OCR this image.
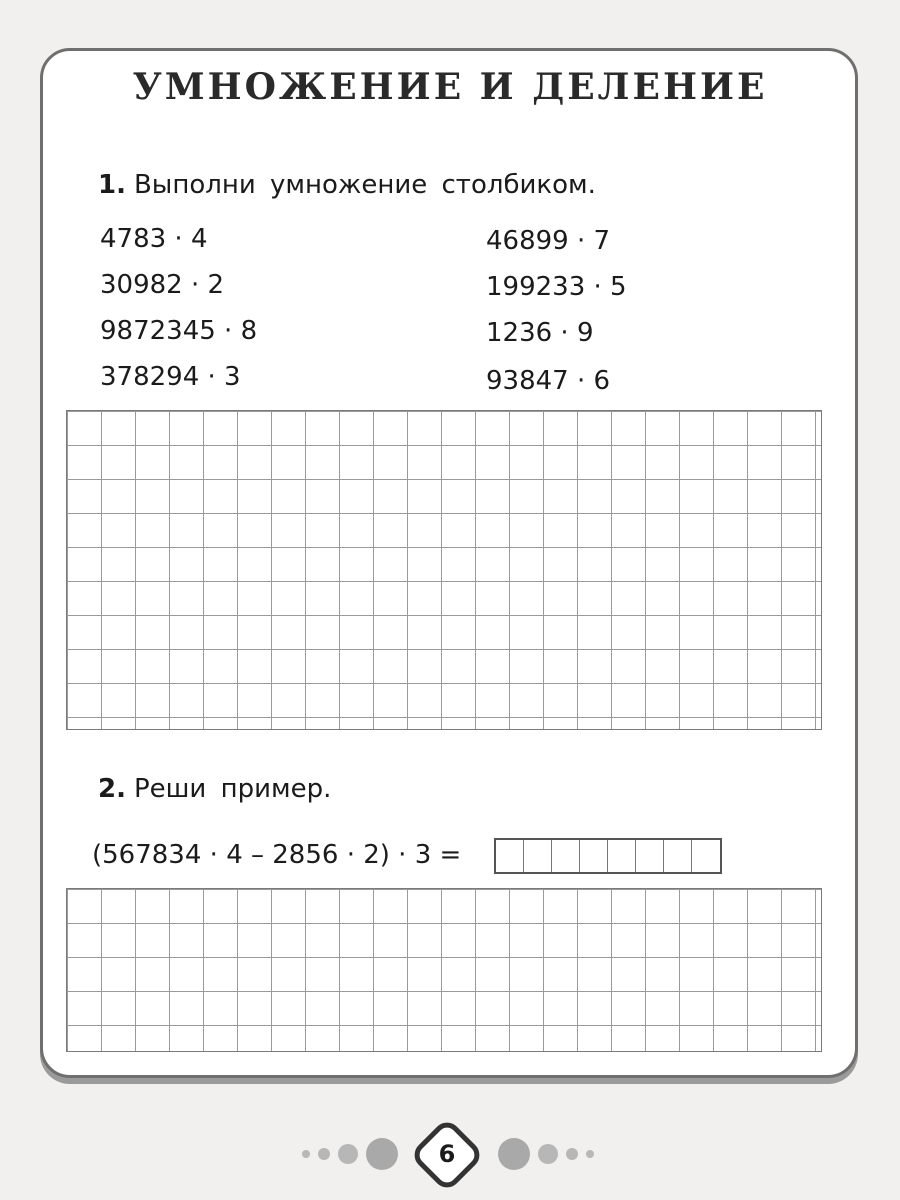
УМНОЖЕНИЕ И ДЕЛЕНИЕ
1. Выполни умножение столбиком.
4783 · 4
30982 · 2
9872345 · 8
378294 · 3
46899 · 7
199233 · 5
1236 · 9
93847 · 6
2. Реши пример.
(567834 · 4 – 2856 · 2) · 3 =
6
